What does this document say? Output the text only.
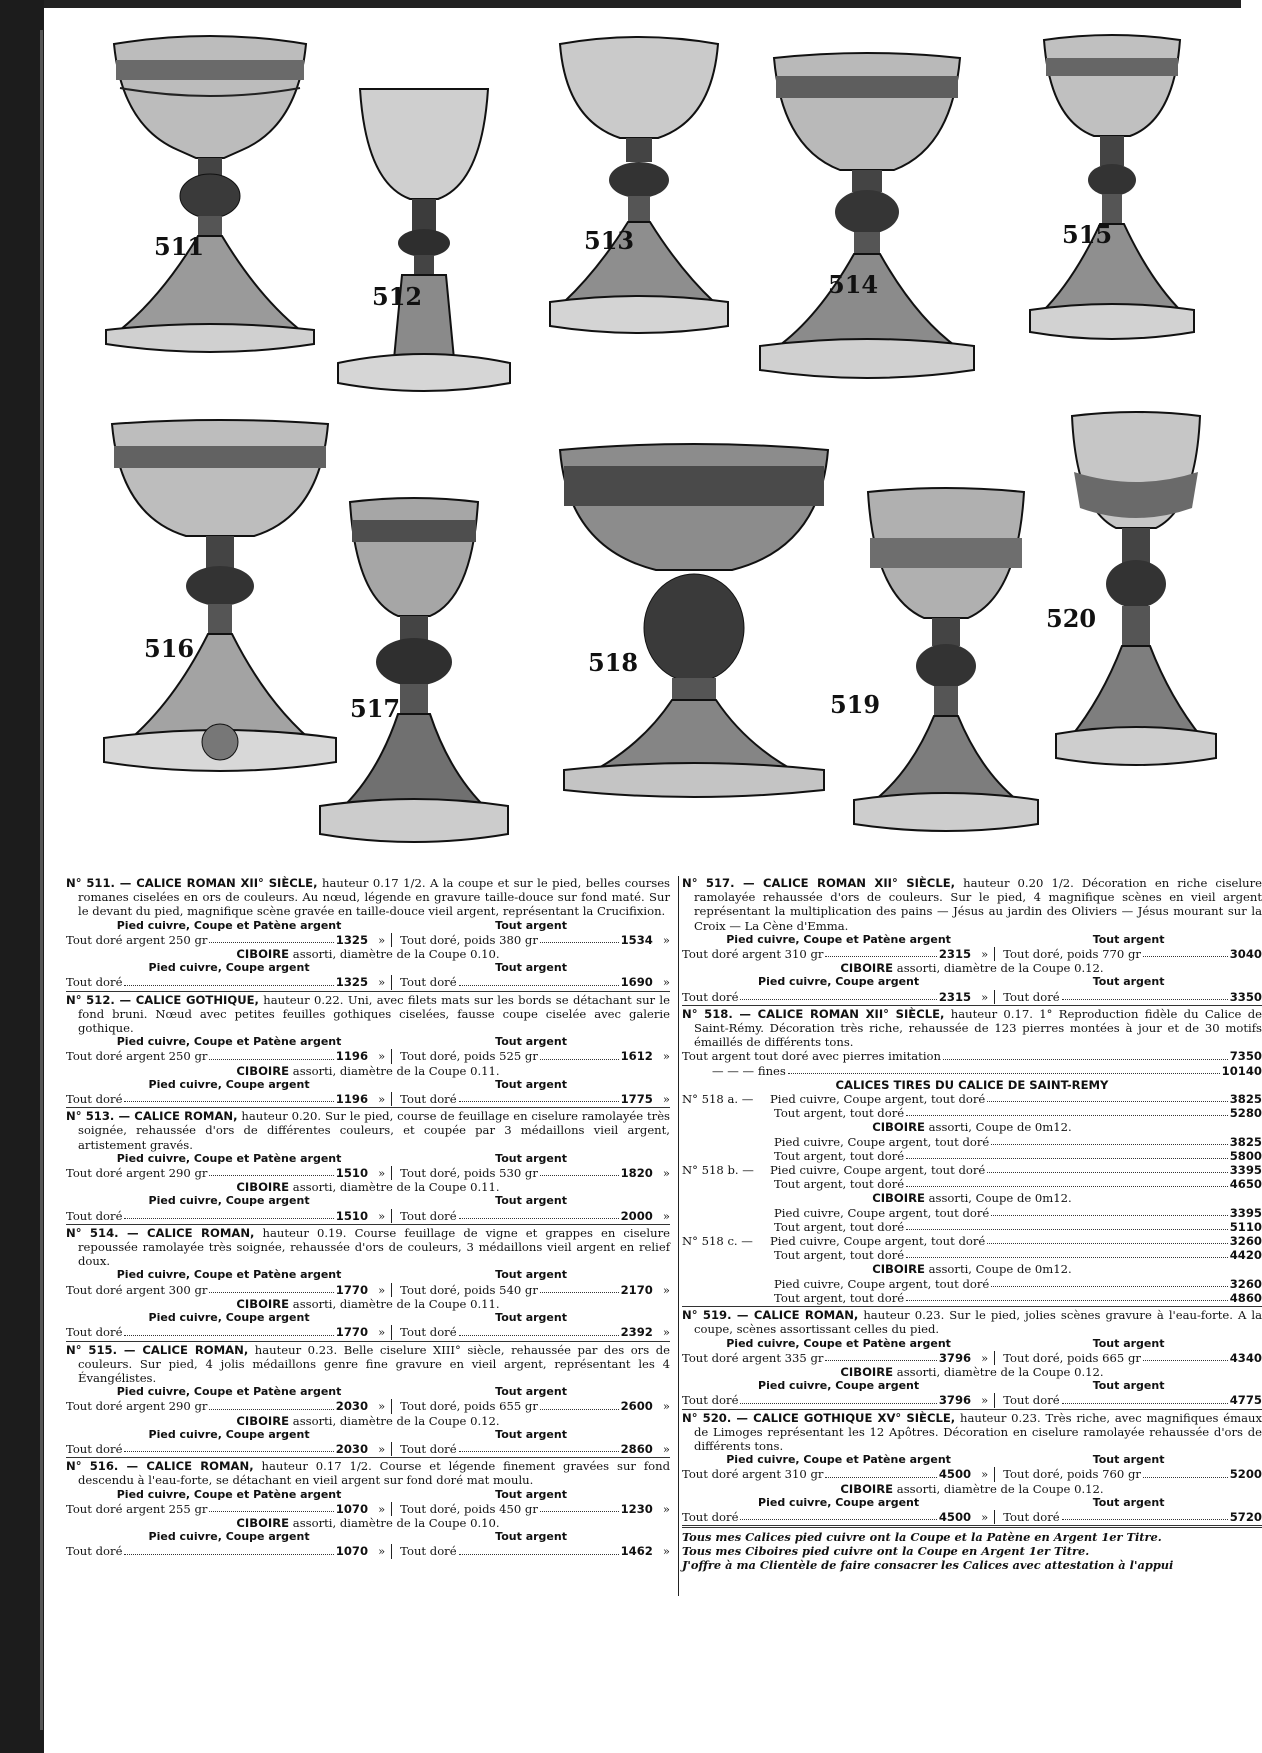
511
512
513
514
515
516
517
518
519
520
N° 511. — CALICE ROMAN XII° SIÈCLE, hauteur 0.17 1/2. A la coupe et sur le pied, belles courses romanes ciselées en ors de couleurs. Au nœud, légende en gravure taille-douce sur fond maté. Sur le devant du pied, magnifique scène gravée en taille-douce vieil argent, représentant la Crucifixion.
Pied cuivre, Coupe et Patène argent	Tout argent
Tout doré argent 250 gr	1325 » Tout doré, poids 380 gr	1534 »
CIBOIRE assorti, diamètre de la Coupe 0.10.
Pied cuivre, Coupe argent	Tout argent
Tout doré	1325 » Tout doré	1690 »
N° 512. — CALICE GOTHIQUE, hauteur 0.22. Uni, avec filets mats sur les bords se détachant sur le fond bruni. Nœud avec petites feuilles gothiques ciselées, fausse coupe ciselée avec galerie gothique.
Pied cuivre, Coupe et Patène argent	Tout argent
Tout doré argent 250 gr	1196 » Tout doré, poids 525 gr	1612 »
CIBOIRE assorti, diamètre de la Coupe 0.11.
Pied cuivre, Coupe argent	Tout argent
Tout doré	1196 » Tout doré	1775 »
N° 513. — CALICE ROMAN, hauteur 0.20. Sur le pied, course de feuillage en ciselure ramolayée très soignée, rehaussée d'ors de différentes couleurs, et coupée par 3 médaillons vieil argent, artistement gravés.
Pied cuivre, Coupe et Patène argent	Tout argent
Tout doré argent 290 gr	1510 » Tout doré, poids 530 gr	1820 »
CIBOIRE assorti, diamètre de la Coupe 0.11.
Pied cuivre, Coupe argent	Tout argent
Tout doré	1510 » Tout doré	2000 »
N° 514. — CALICE ROMAN, hauteur 0.19. Course feuillage de vigne et grappes en ciselure repoussée ramolayée très soignée, rehaussée d'ors de couleurs, 3 médaillons vieil argent en relief doux.
Pied cuivre, Coupe et Patène argent	Tout argent
Tout doré argent 300 gr	1770 » Tout doré, poids 540 gr	2170 »
CIBOIRE assorti, diamètre de la Coupe 0.11.
Pied cuivre, Coupe argent	Tout argent
Tout doré	1770 » Tout doré	2392 »
N° 515. — CALICE ROMAN, hauteur 0.23. Belle ciselure XIII° siècle, rehaussée par des ors de couleurs. Sur pied, 4 jolis médaillons genre fine gravure en vieil argent, représentant les 4 Évangélistes.
Pied cuivre, Coupe et Patène argent	Tout argent
Tout doré argent 290 gr	2030 » Tout doré, poids 655 gr	2600 »
CIBOIRE assorti, diamètre de la Coupe 0.12.
Pied cuivre, Coupe argent	Tout argent
Tout doré	2030 » Tout doré	2860 »
N° 516. — CALICE ROMAN, hauteur 0.17 1/2. Course et légende finement gravées sur fond descendu à l'eau-forte, se détachant en vieil argent sur fond doré mat moulu.
Pied cuivre, Coupe et Patène argent	Tout argent
Tout doré argent 255 gr	1070 » Tout doré, poids 450 gr	1230 »
CIBOIRE assorti, diamètre de la Coupe 0.10.
Pied cuivre, Coupe argent	Tout argent
Tout doré	1070 » Tout doré	1462 »
N° 517. — CALICE ROMAN XII° SIÈCLE, hauteur 0.20 1/2. Décoration en riche ciselure ramolayée rehaussée d'ors de couleurs. Sur le pied, 4 magnifique scènes en vieil argent représentant la multiplication des pains — Jésus au jardin des Oliviers — Jésus mourant sur la Croix — La Cène d'Emma.
Pied cuivre, Coupe et Patène argent	Tout argent
Tout doré argent 310 gr	2315 » Tout doré, poids 770 gr	3040
CIBOIRE assorti, diamètre de la Coupe 0.12.
Pied cuivre, Coupe argent	Tout argent
Tout doré	2315 » Tout doré	3350
N° 518. — CALICE ROMAN XII° SIÈCLE, hauteur 0.17. 1° Reproduction fidèle du Calice de Saint-Rémy. Décoration très riche, rehaussée de 123 pierres montées à jour et de 30 motifs émaillés de différents tons.
Tout argent tout doré avec pierres imitation	7350
— — — fines	10140
CALICES TIRES DU CALICE DE SAINT-REMY
N° 518 a. —	Pied cuivre, Coupe argent, tout doré	3825
Tout argent, tout doré	5280
CIBOIRE assorti, Coupe de 0m12.
Pied cuivre, Coupe argent, tout doré	3825
Tout argent, tout doré	5800
N° 518 b. —	Pied cuivre, Coupe argent, tout doré	3395
Tout argent, tout doré	4650
CIBOIRE assorti, Coupe de 0m12.
Pied cuivre, Coupe argent, tout doré	3395
Tout argent, tout doré	5110
N° 518 c. —	Pied cuivre, Coupe argent, tout doré	3260
Tout argent, tout doré	4420
CIBOIRE assorti, Coupe de 0m12.
Pied cuivre, Coupe argent, tout doré	3260
Tout argent, tout doré	4860
N° 519. — CALICE ROMAN, hauteur 0.23. Sur le pied, jolies scènes gravure à l'eau-forte. A la coupe, scènes assortissant celles du pied.
Pied cuivre, Coupe et Patène argent	Tout argent
Tout doré argent 335 gr	3796 » Tout doré, poids 665 gr	4340
CIBOIRE assorti, diamètre de la Coupe 0.12.
Pied cuivre, Coupe argent	Tout argent
Tout doré	3796 » Tout doré	4775
N° 520. — CALICE GOTHIQUE XV° SIÈCLE, hauteur 0.23. Très riche, avec magnifiques émaux de Limoges représentant les 12 Apôtres. Décoration en ciselure ramolayée rehaussée d'ors de différents tons.
Pied cuivre, Coupe et Patène argent	Tout argent
Tout doré argent 310 gr	4500 » Tout doré, poids 760 gr	5200
CIBOIRE assorti, diamètre de la Coupe 0.12.
Pied cuivre, Coupe argent	Tout argent
Tout doré	4500 » Tout doré	5720
Tous mes Calices pied cuivre ont la Coupe et la Patène en Argent 1er Titre.
Tous mes Ciboires pied cuivre ont la Coupe en Argent 1er Titre.
J'offre à ma Clientèle de faire consacrer les Calices avec attestation à l'appui
